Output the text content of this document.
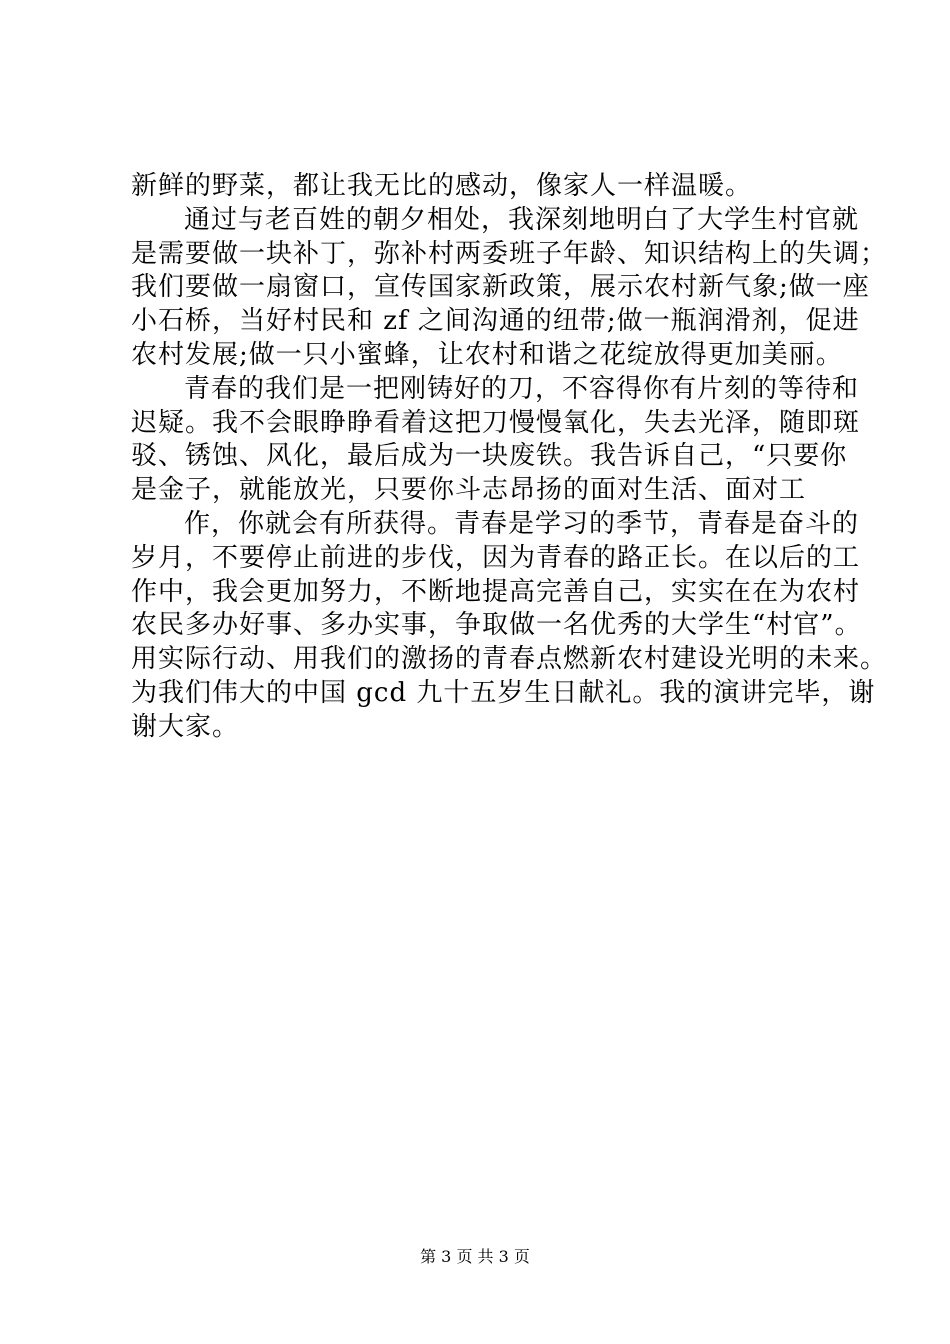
新鲜的野菜，都让我无比的感动，像家人一样温暖。
通过与老百姓的朝夕相处，我深刻地明白了大学生村官就
是需要做一块补丁，弥补村两委班子年龄、知识结构上的失调；
我们要做一扇窗口，宣传国家新政策，展示农村新气象;做一座
小石桥，当好村民和 zf 之间沟通的纽带;做一瓶润滑剂，促进
农村发展;做一只小蜜蜂，让农村和谐之花绽放得更加美丽。
青春的我们是一把刚铸好的刀，不容得你有片刻的等待和
迟疑。我不会眼睁睁看着这把刀慢慢氧化，失去光泽，随即斑
驳、锈蚀、风化，最后成为一块废铁。我告诉自己，“只要你
是金子，就能放光，只要你斗志昂扬的面对生活、面对工
作，你就会有所获得。青春是学习的季节，青春是奋斗的
岁月，不要停止前进的步伐，因为青春的路正长。在以后的工
作中，我会更加努力，不断地提高完善自己，实实在在为农村
农民多办好事、多办实事，争取做一名优秀的大学生“村官”。
用实际行动、用我们的激扬的青春点燃新农村建设光明的未来。
为我们伟大的中国 gcd 九十五岁生日献礼。我的演讲完毕，谢
谢大家。
第 3 页 共 3 页
